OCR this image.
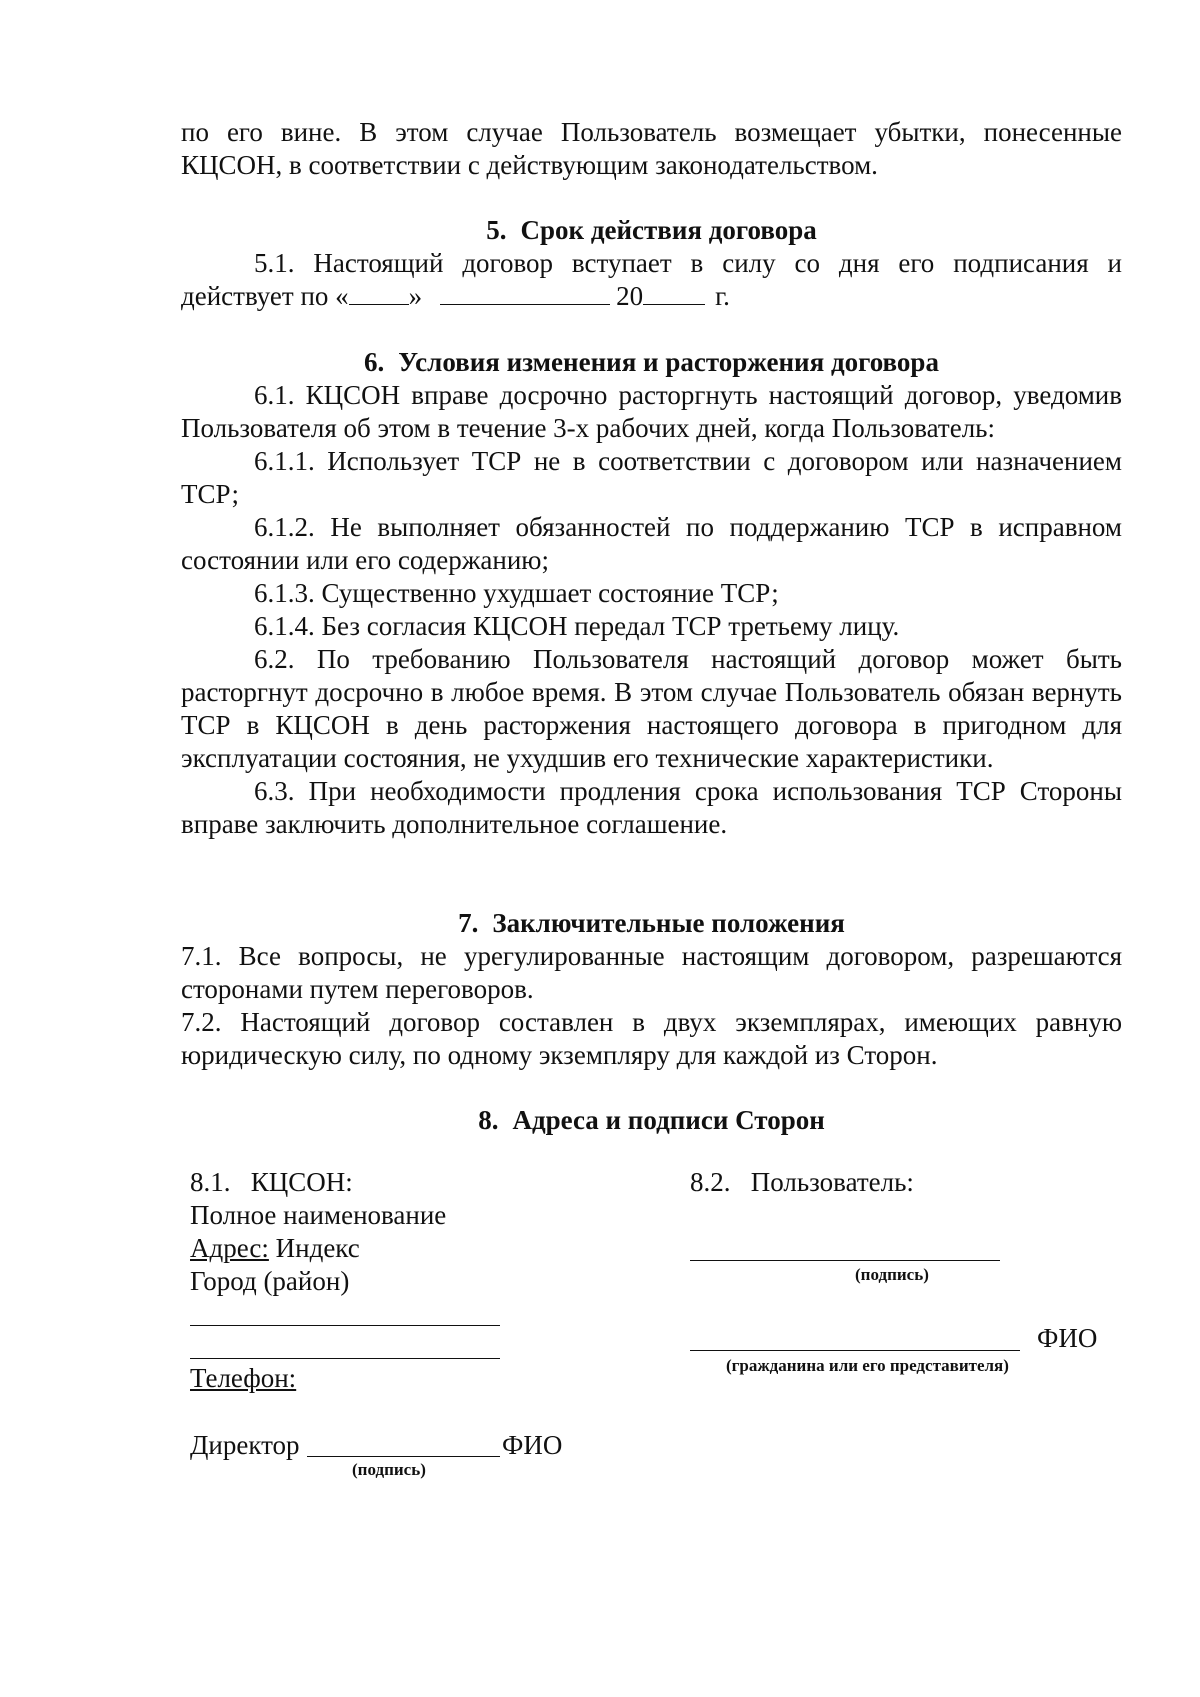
по его вине. В этом случае Пользователь возмещает убытки, понесенные КЦСОН, в соответствии с действующим законодательством.
5. Срок действия договора
5.1. Настоящий договор вступает в силу со дня его подписания и
действует по « »	20	г.
6. Условия изменения и расторжения договора
6.1. КЦСОН вправе досрочно расторгнуть настоящий договор, уведомив Пользователя об этом в течение 3-х рабочих дней, когда Пользователь:
6.1.1. Использует ТСР не в соответствии с договором или назначением ТСР;
6.1.2. Не выполняет обязанностей по поддержанию ТСР в исправном состоянии или его содержанию;
6.1.3. Существенно ухудшает состояние ТСР;
6.1.4. Без согласия КЦСОН передал ТСР третьему лицу.
6.2. По требованию Пользователя настоящий договор может быть расторгнут досрочно в любое время. В этом случае Пользователь обязан вернуть ТСР в КЦСОН в день расторжения настоящего договора в пригодном для эксплуатации состояния, не ухудшив его технические характеристики.
6.3. При необходимости продления срока использования ТСР Стороны вправе заключить дополнительное соглашение.
7. Заключительные положения
7.1. Все вопросы, не урегулированные настоящим договором, разрешаются сторонами путем переговоров.
7.2. Настоящий договор составлен в двух экземплярах, имеющих равную юридическую силу, по одному экземпляру для каждой из Сторон.
8. Адреса и подписи Сторон
8.1.   КЦСОН:
Полное наименование
Адрес: Индекс
Город (район)
Телефон:
Директор	ФИО
(подпись)
8.2.   Пользователь:
(подпись)
ФИО
(гражданина или его представителя)
